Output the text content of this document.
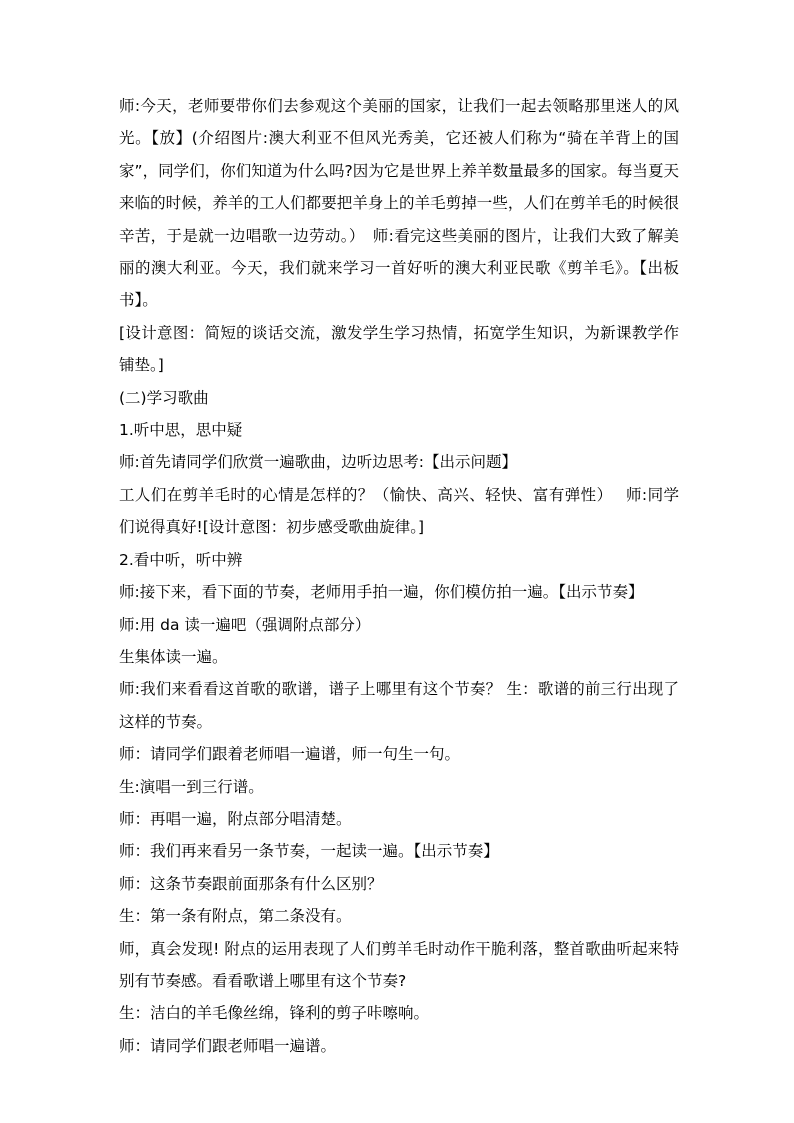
师:今天，老师要带你们去参观这个美丽的国家，让我们一起去领略那里迷人的风光。【放】(介绍图片:澳大利亚不但风光秀美，它还被人们称为“骑在羊背上的国家”，同学们，你们知道为什么吗?因为它是世界上养羊数量最多的国家。每当夏天来临的时候，养羊的工人们都要把羊身上的羊毛剪掉一些，人们在剪羊毛的时候很辛苦，于是就一边唱歌一边劳动。）　师:看完这些美丽的图片，让我们大致了解美丽的澳大利亚。今天，我们就来学习一首好听的澳大利亚民歌《剪羊毛》。【出板书】。

[设计意图：简短的谈话交流，激发学生学习热情，拓宽学生知识，为新课教学作铺垫。]

(二)学习歌曲

1.听中思，思中疑

师:首先请同学们欣赏一遍歌曲，边听边思考:【出示问题】

工人们在剪羊毛时的心情是怎样的？（愉快、高兴、轻快、富有弹性）　 师:同学们说得真好![设计意图：初步感受歌曲旋律。]

2.看中听，听中辨

师:接下来，看下面的节奏，老师用手拍一遍，你们模仿拍一遍。【出示节奏】

师:用 da 读一遍吧（强调附点部分）

生集体读一遍。

师:我们来看看这首歌的歌谱，谱子上哪里有这个节奏？ 生：歌谱的前三行出现了这样的节奏。

师：请同学们跟着老师唱一遍谱，师一句生一句。

生:演唱一到三行谱。

师：再唱一遍，附点部分唱清楚。

师：我们再来看另一条节奏，一起读一遍。【出示节奏】

师：这条节奏跟前面那条有什么区别？

生：第一条有附点，第二条没有。

师，真会发现! 附点的运用表现了人们剪羊毛时动作干脆利落，整首歌曲听起来特别有节奏感。看看歌谱上哪里有这个节奏?

生：洁白的羊毛像丝绵，锋利的剪子咔嚓响。

师：请同学们跟老师唱一遍谱。
